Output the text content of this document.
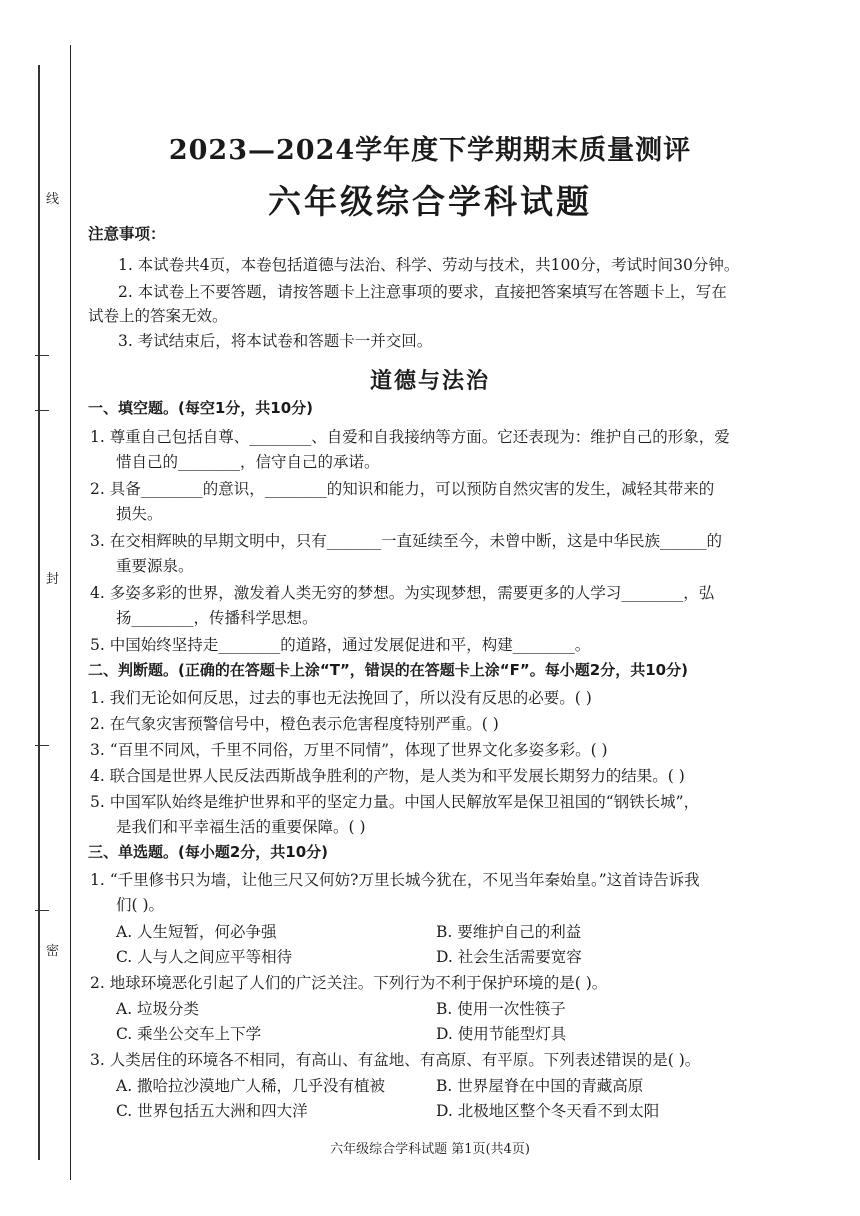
线
封
密
2023—2024学年度下学期期末质量测评
六年级综合学科试题
注意事项：
1. 本试卷共4页，本卷包括道德与法治、科学、劳动与技术，共100分，考试时间30分钟。
2. 本试卷上不要答题，请按答题卡上注意事项的要求，直接把答案填写在答题卡上，写在
试卷上的答案无效。
3. 考试结束后，将本试卷和答题卡一并交回。
道德与法治
一、填空题。(每空1分，共10分)
1. 尊重自己包括自尊、________、自爱和自我接纳等方面。它还表现为：维护自己的形象，爱
惜自己的________，信守自己的承诺。
2. 具备________的意识，________的知识和能力，可以预防自然灾害的发生，减轻其带来的
损失。
3. 在交相辉映的早期文明中，只有_______一直延续至今，未曾中断，这是中华民族______的
重要源泉。
4. 多姿多彩的世界，激发着人类无穷的梦想。为实现梦想，需要更多的人学习________，弘
扬________，传播科学思想。
5. 中国始终坚持走________的道路，通过发展促进和平，构建________。
二、判断题。(正确的在答题卡上涂“T”，错误的在答题卡上涂“F”。每小题2分，共10分)
1. 我们无论如何反思，过去的事也无法挽回了，所以没有反思的必要。( )
2. 在气象灾害预警信号中，橙色表示危害程度特别严重。( )
3. “百里不同风，千里不同俗，万里不同情”，体现了世界文化多姿多彩。( )
4. 联合国是世界人民反法西斯战争胜利的产物，是人类为和平发展长期努力的结果。( )
5. 中国军队始终是维护世界和平的坚定力量。中国人民解放军是保卫祖国的“钢铁长城”，
是我们和平幸福生活的重要保障。( )
三、单选题。(每小题2分，共10分)
1. “千里修书只为墙，让他三尺又何妨?万里长城今犹在，不见当年秦始皇。”这首诗告诉我
们( )。
A. 人生短暂，何必争强	B. 要维护自己的利益
C. 人与人之间应平等相待	D. 社会生活需要宽容
2. 地球环境恶化引起了人们的广泛关注。下列行为不利于保护环境的是( )。
A. 垃圾分类	B. 使用一次性筷子
C. 乘坐公交车上下学	D. 使用节能型灯具
3. 人类居住的环境各不相同，有高山、有盆地、有高原、有平原。下列表述错误的是( )。
A. 撒哈拉沙漠地广人稀，几乎没有植被	B. 世界屋脊在中国的青藏高原
C. 世界包括五大洲和四大洋	D. 北极地区整个冬天看不到太阳
六年级综合学科试题 第1页(共4页)
